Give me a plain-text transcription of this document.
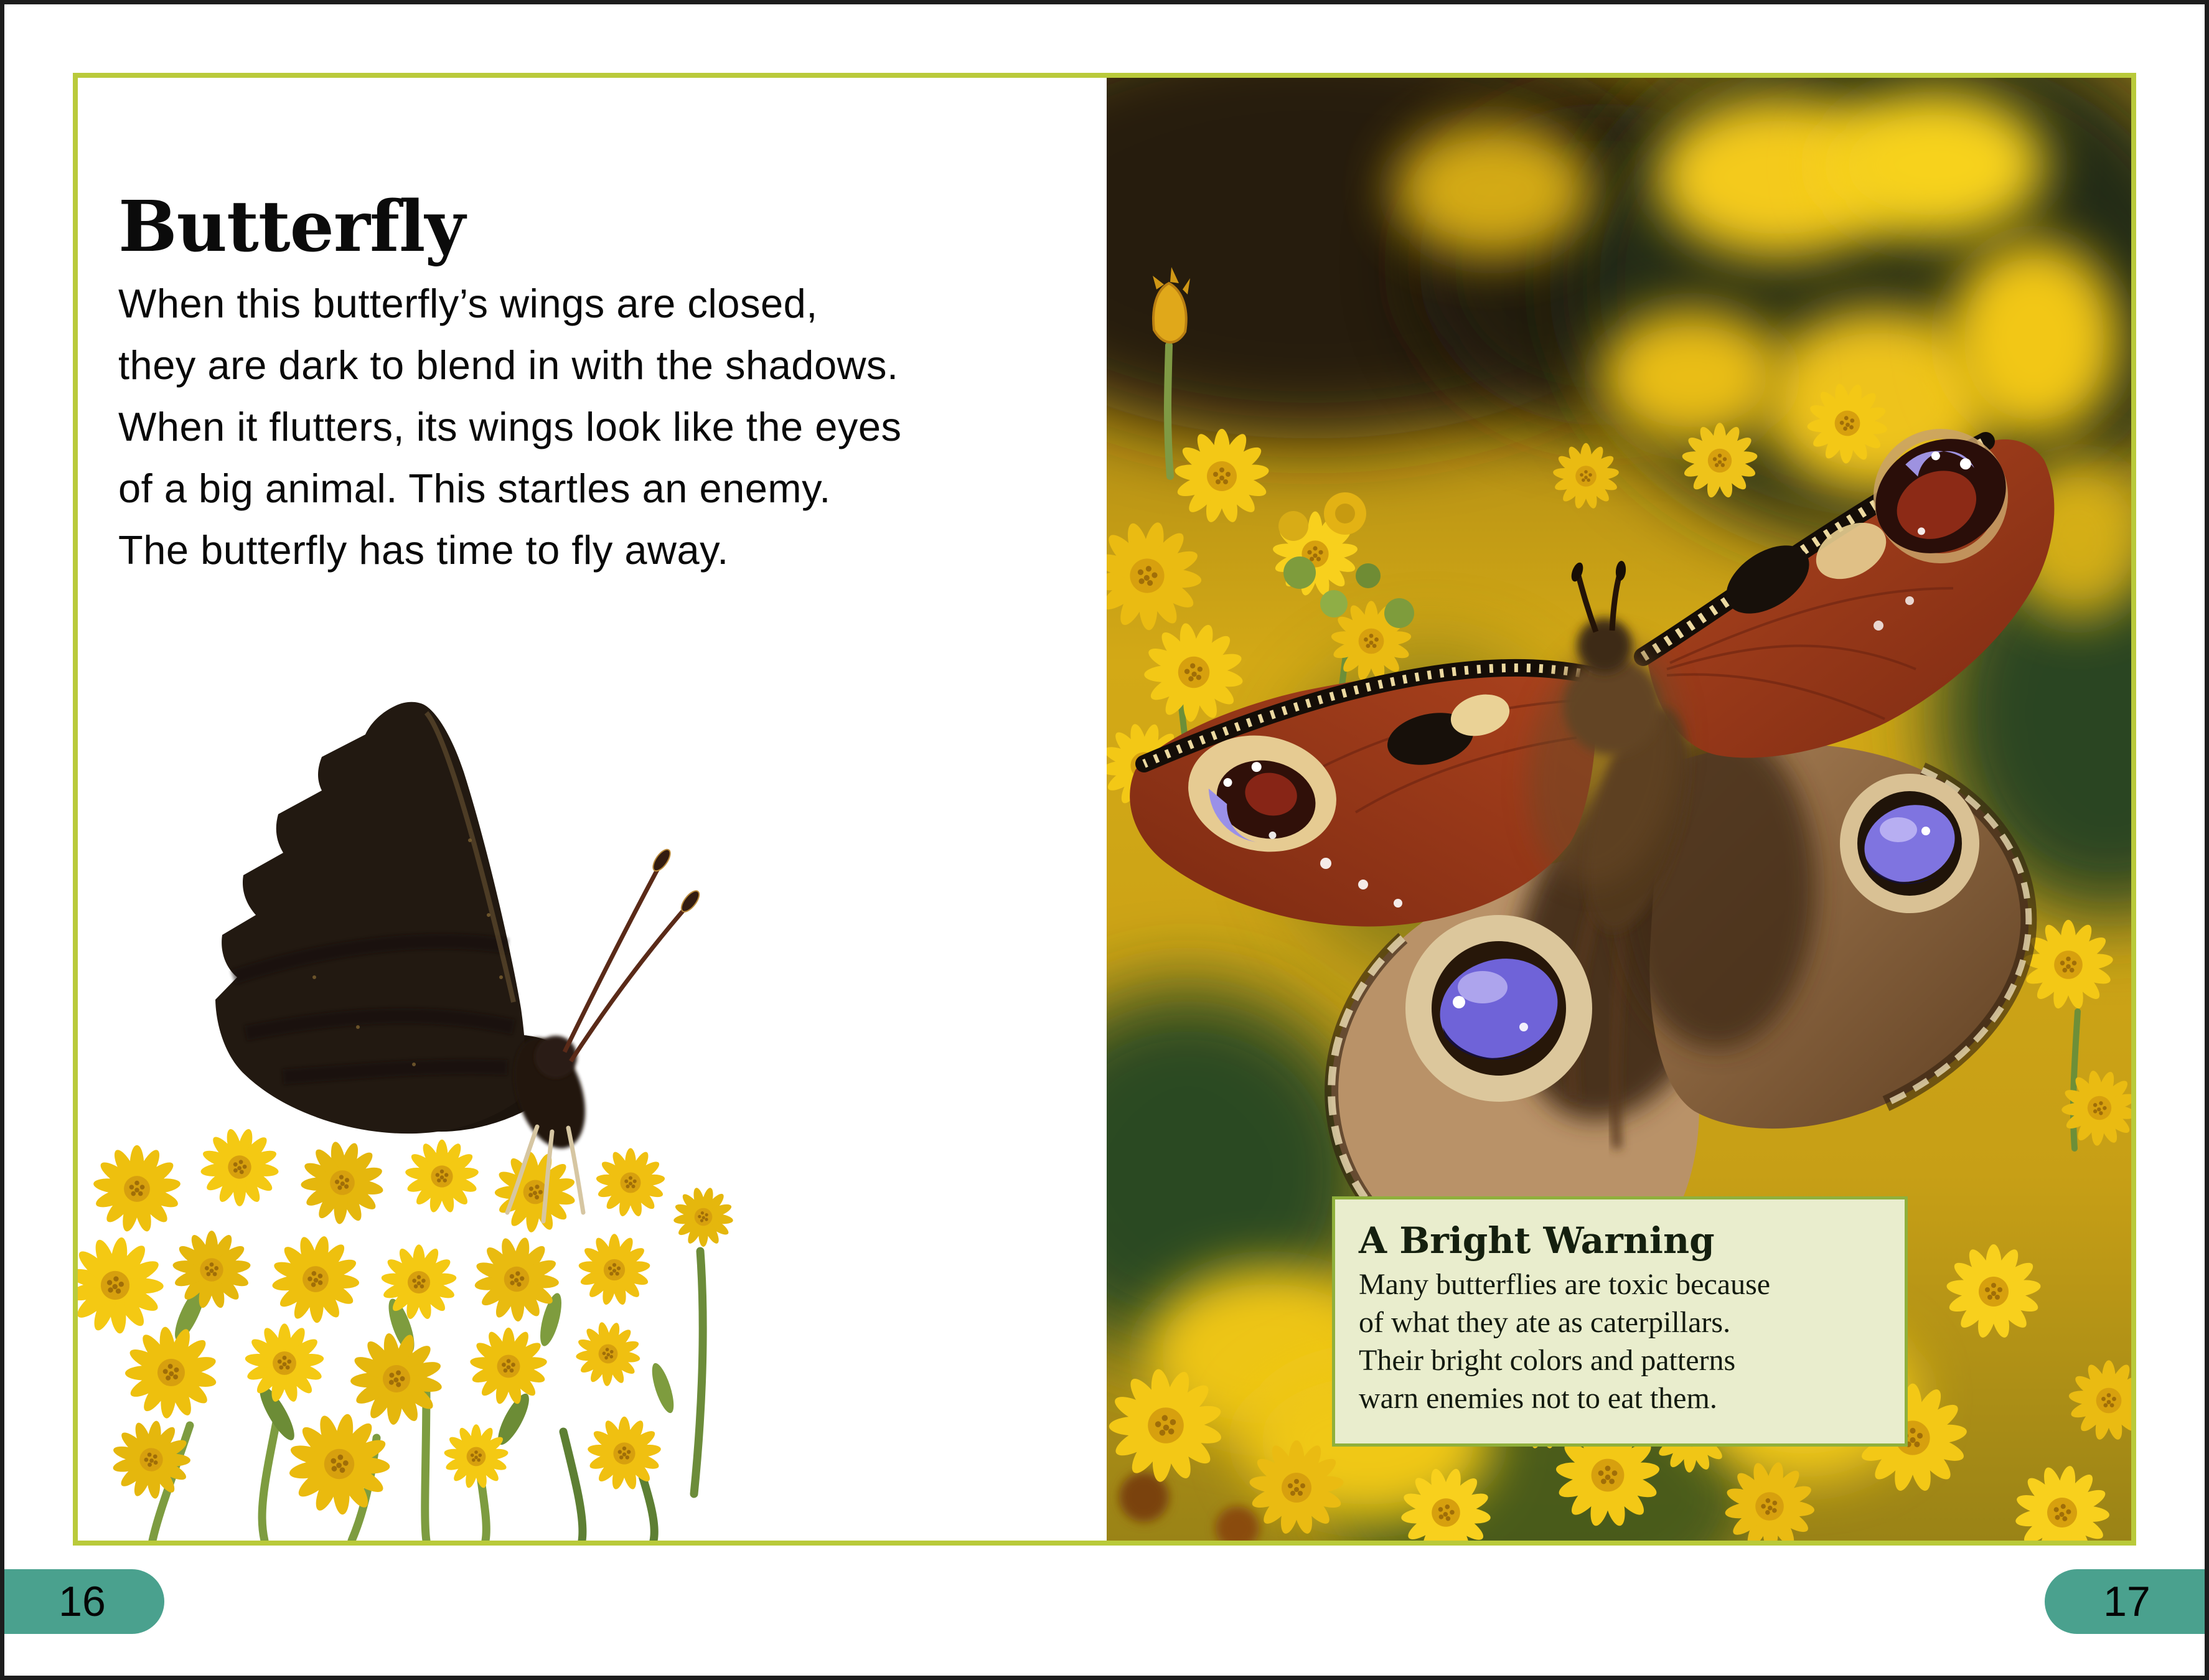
Butterfly
When this butterfly’s wings are closed,
they are dark to blend in with the shadows.
When it flutters, its wings look like the eyes
of a big animal. This startles an enemy.
The butterfly has time to fly away.
A Bright Warning
Many butterflies are toxic because
of what they ate as caterpillars.
Their bright colors and patterns
warn enemies not to eat them.
16	17
